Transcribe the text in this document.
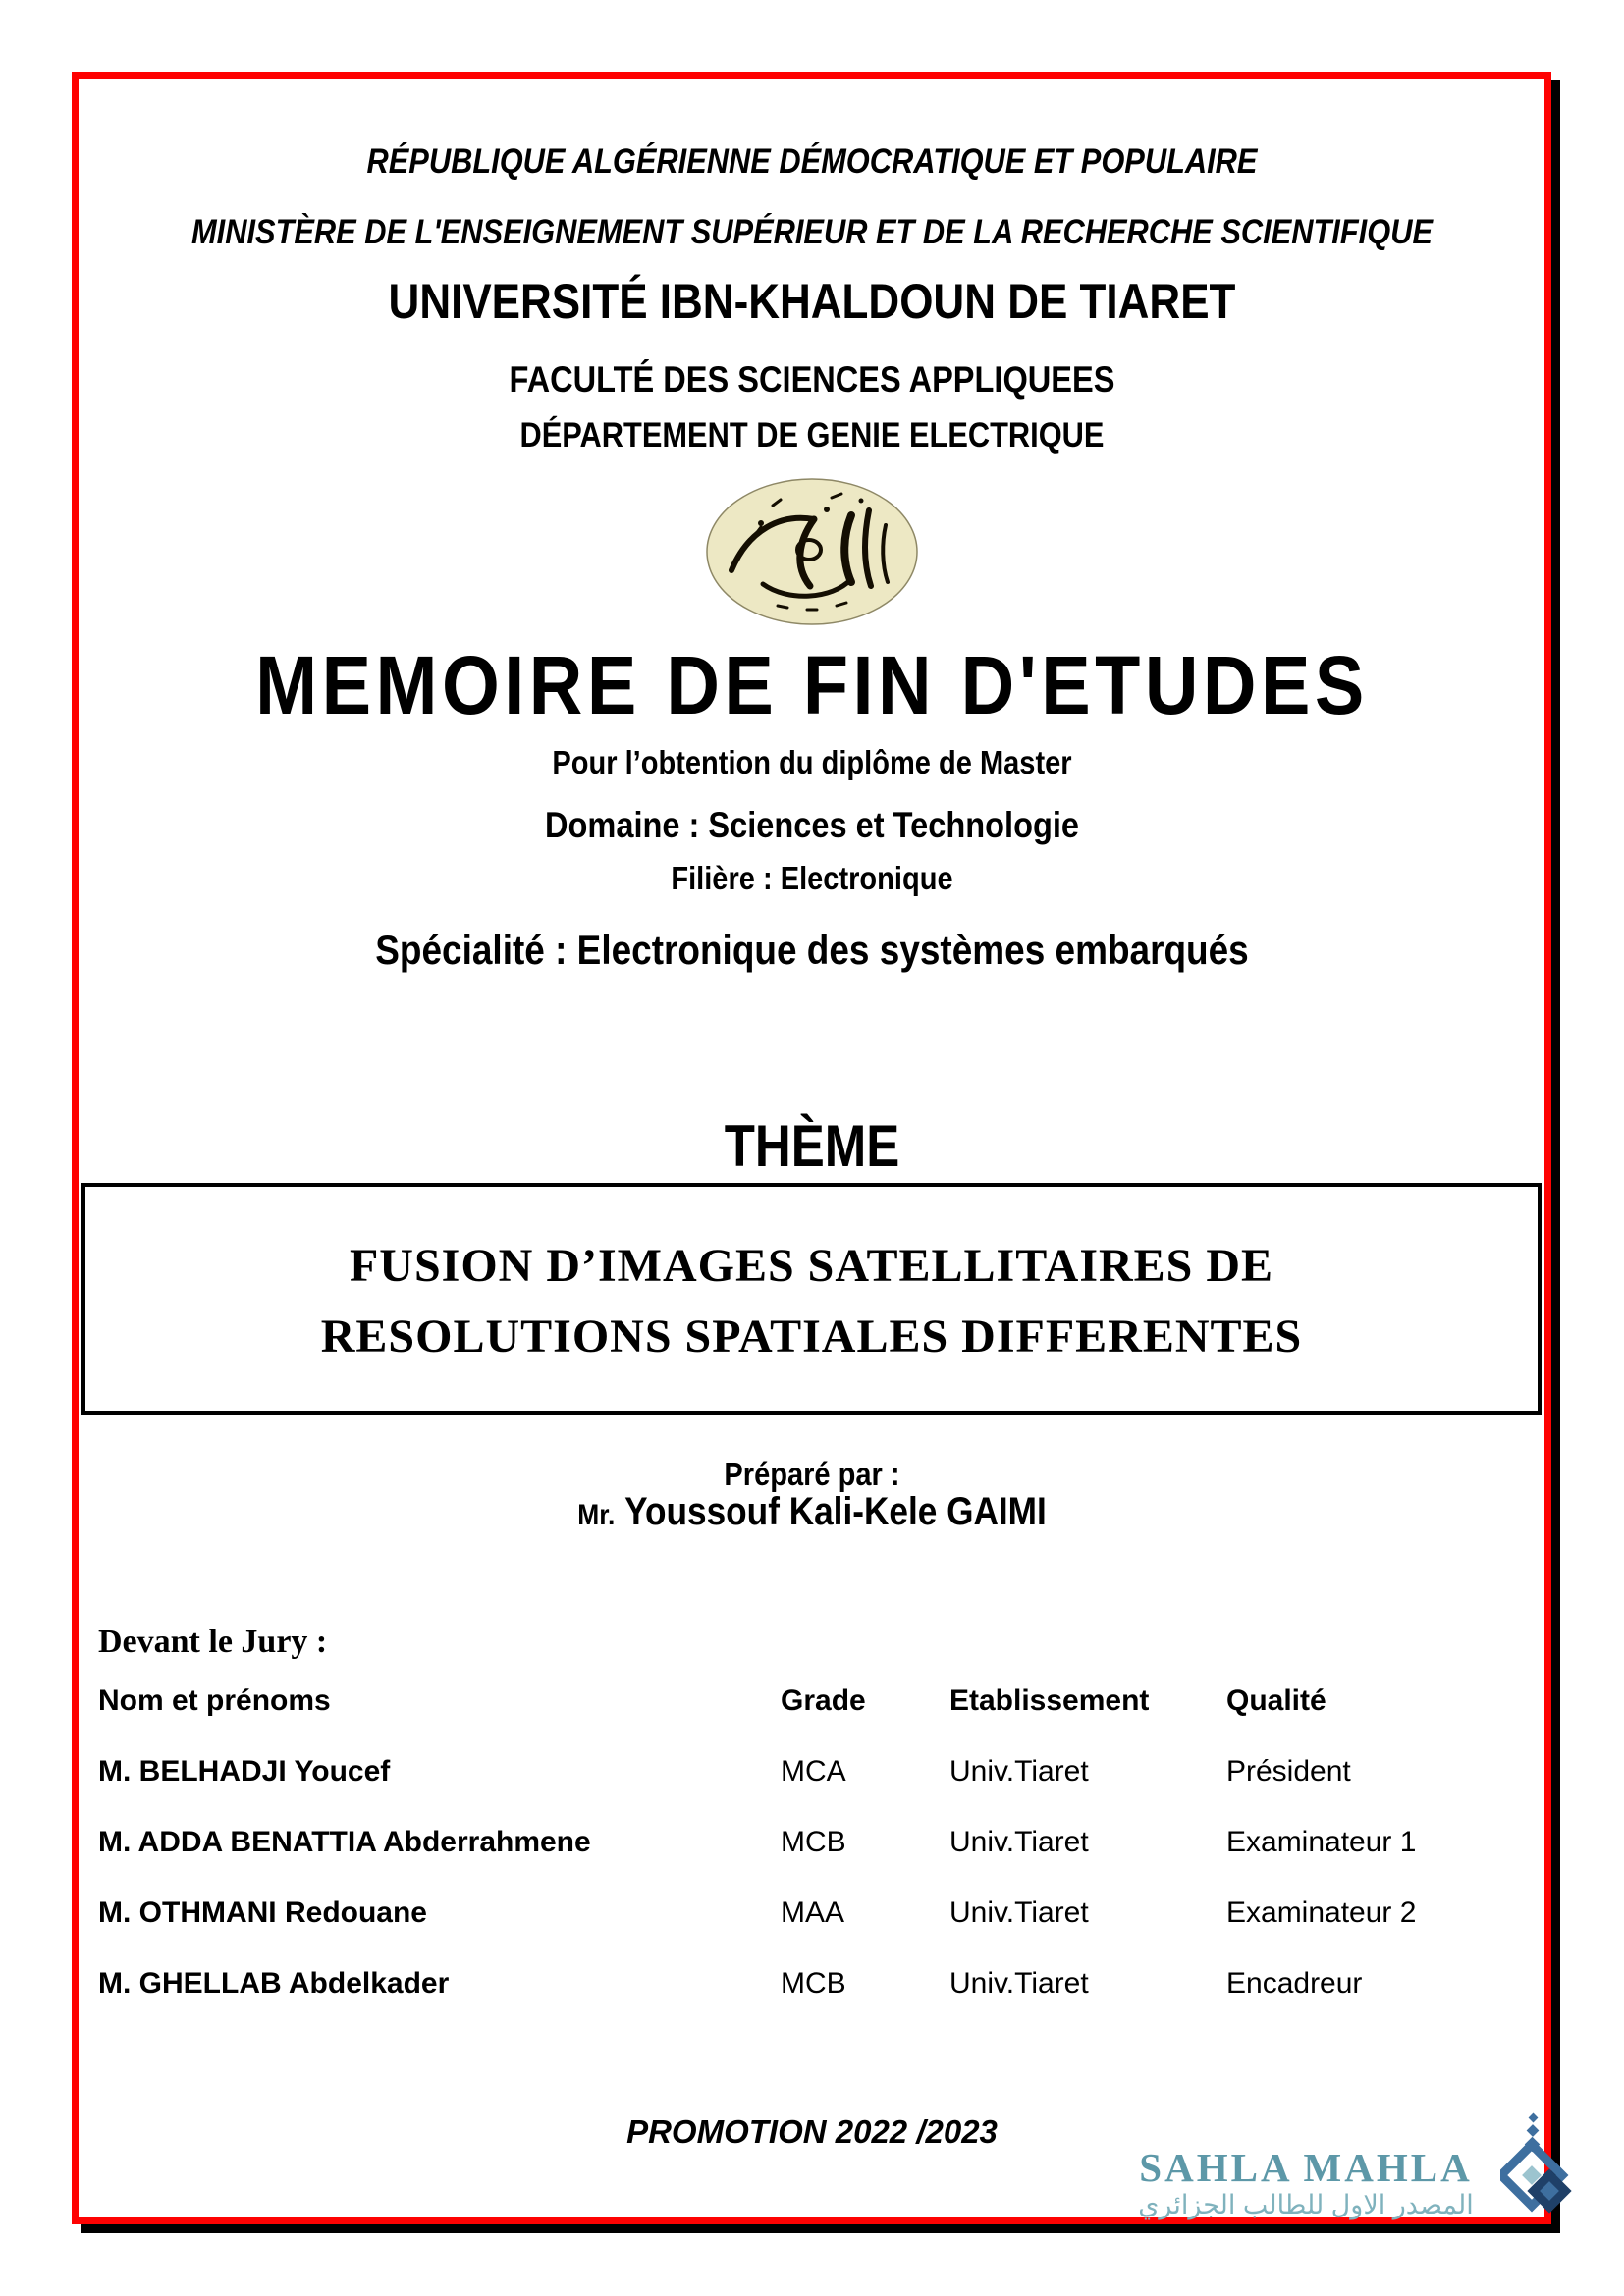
RÉPUBLIQUE ALGÉRIENNE DÉMOCRATIQUE ET POPULAIRE
MINISTÈRE DE L'ENSEIGNEMENT SUPÉRIEUR ET DE LA RECHERCHE SCIENTIFIQUE
UNIVERSITÉ IBN-KHALDOUN DE TIARET
FACULTÉ DES SCIENCES APPLIQUEES
DÉPARTEMENT DE GENIE ELECTRIQUE
MEMOIRE DE FIN D'ETUDES
Pour l’obtention du diplôme de Master
Domaine : Sciences et Technologie
Filière : Electronique
Spécialité : Electronique des systèmes embarqués
THÈME
FUSION D’IMAGES SATELLITAIRES DE
RESOLUTIONS SPATIALES DIFFERENTES
Préparé par :
Mr. Youssouf Kali-Kele GAIMI
Devant le Jury :
Nom et prénoms	Grade	Etablissement	Qualité
M. BELHADJI Youcef	MCA	Univ.Tiaret	Président
M. ADDA BENATTIA Abderrahmene	MCB	Univ.Tiaret	Examinateur 1
M. OTHMANI Redouane	MAA	Univ.Tiaret	Examinateur 2
M. GHELLAB Abdelkader	MCB	Univ.Tiaret	Encadreur
PROMOTION 2022 /2023
SAHLA MAHLA
المصدر الاول للطالب الجزائري
